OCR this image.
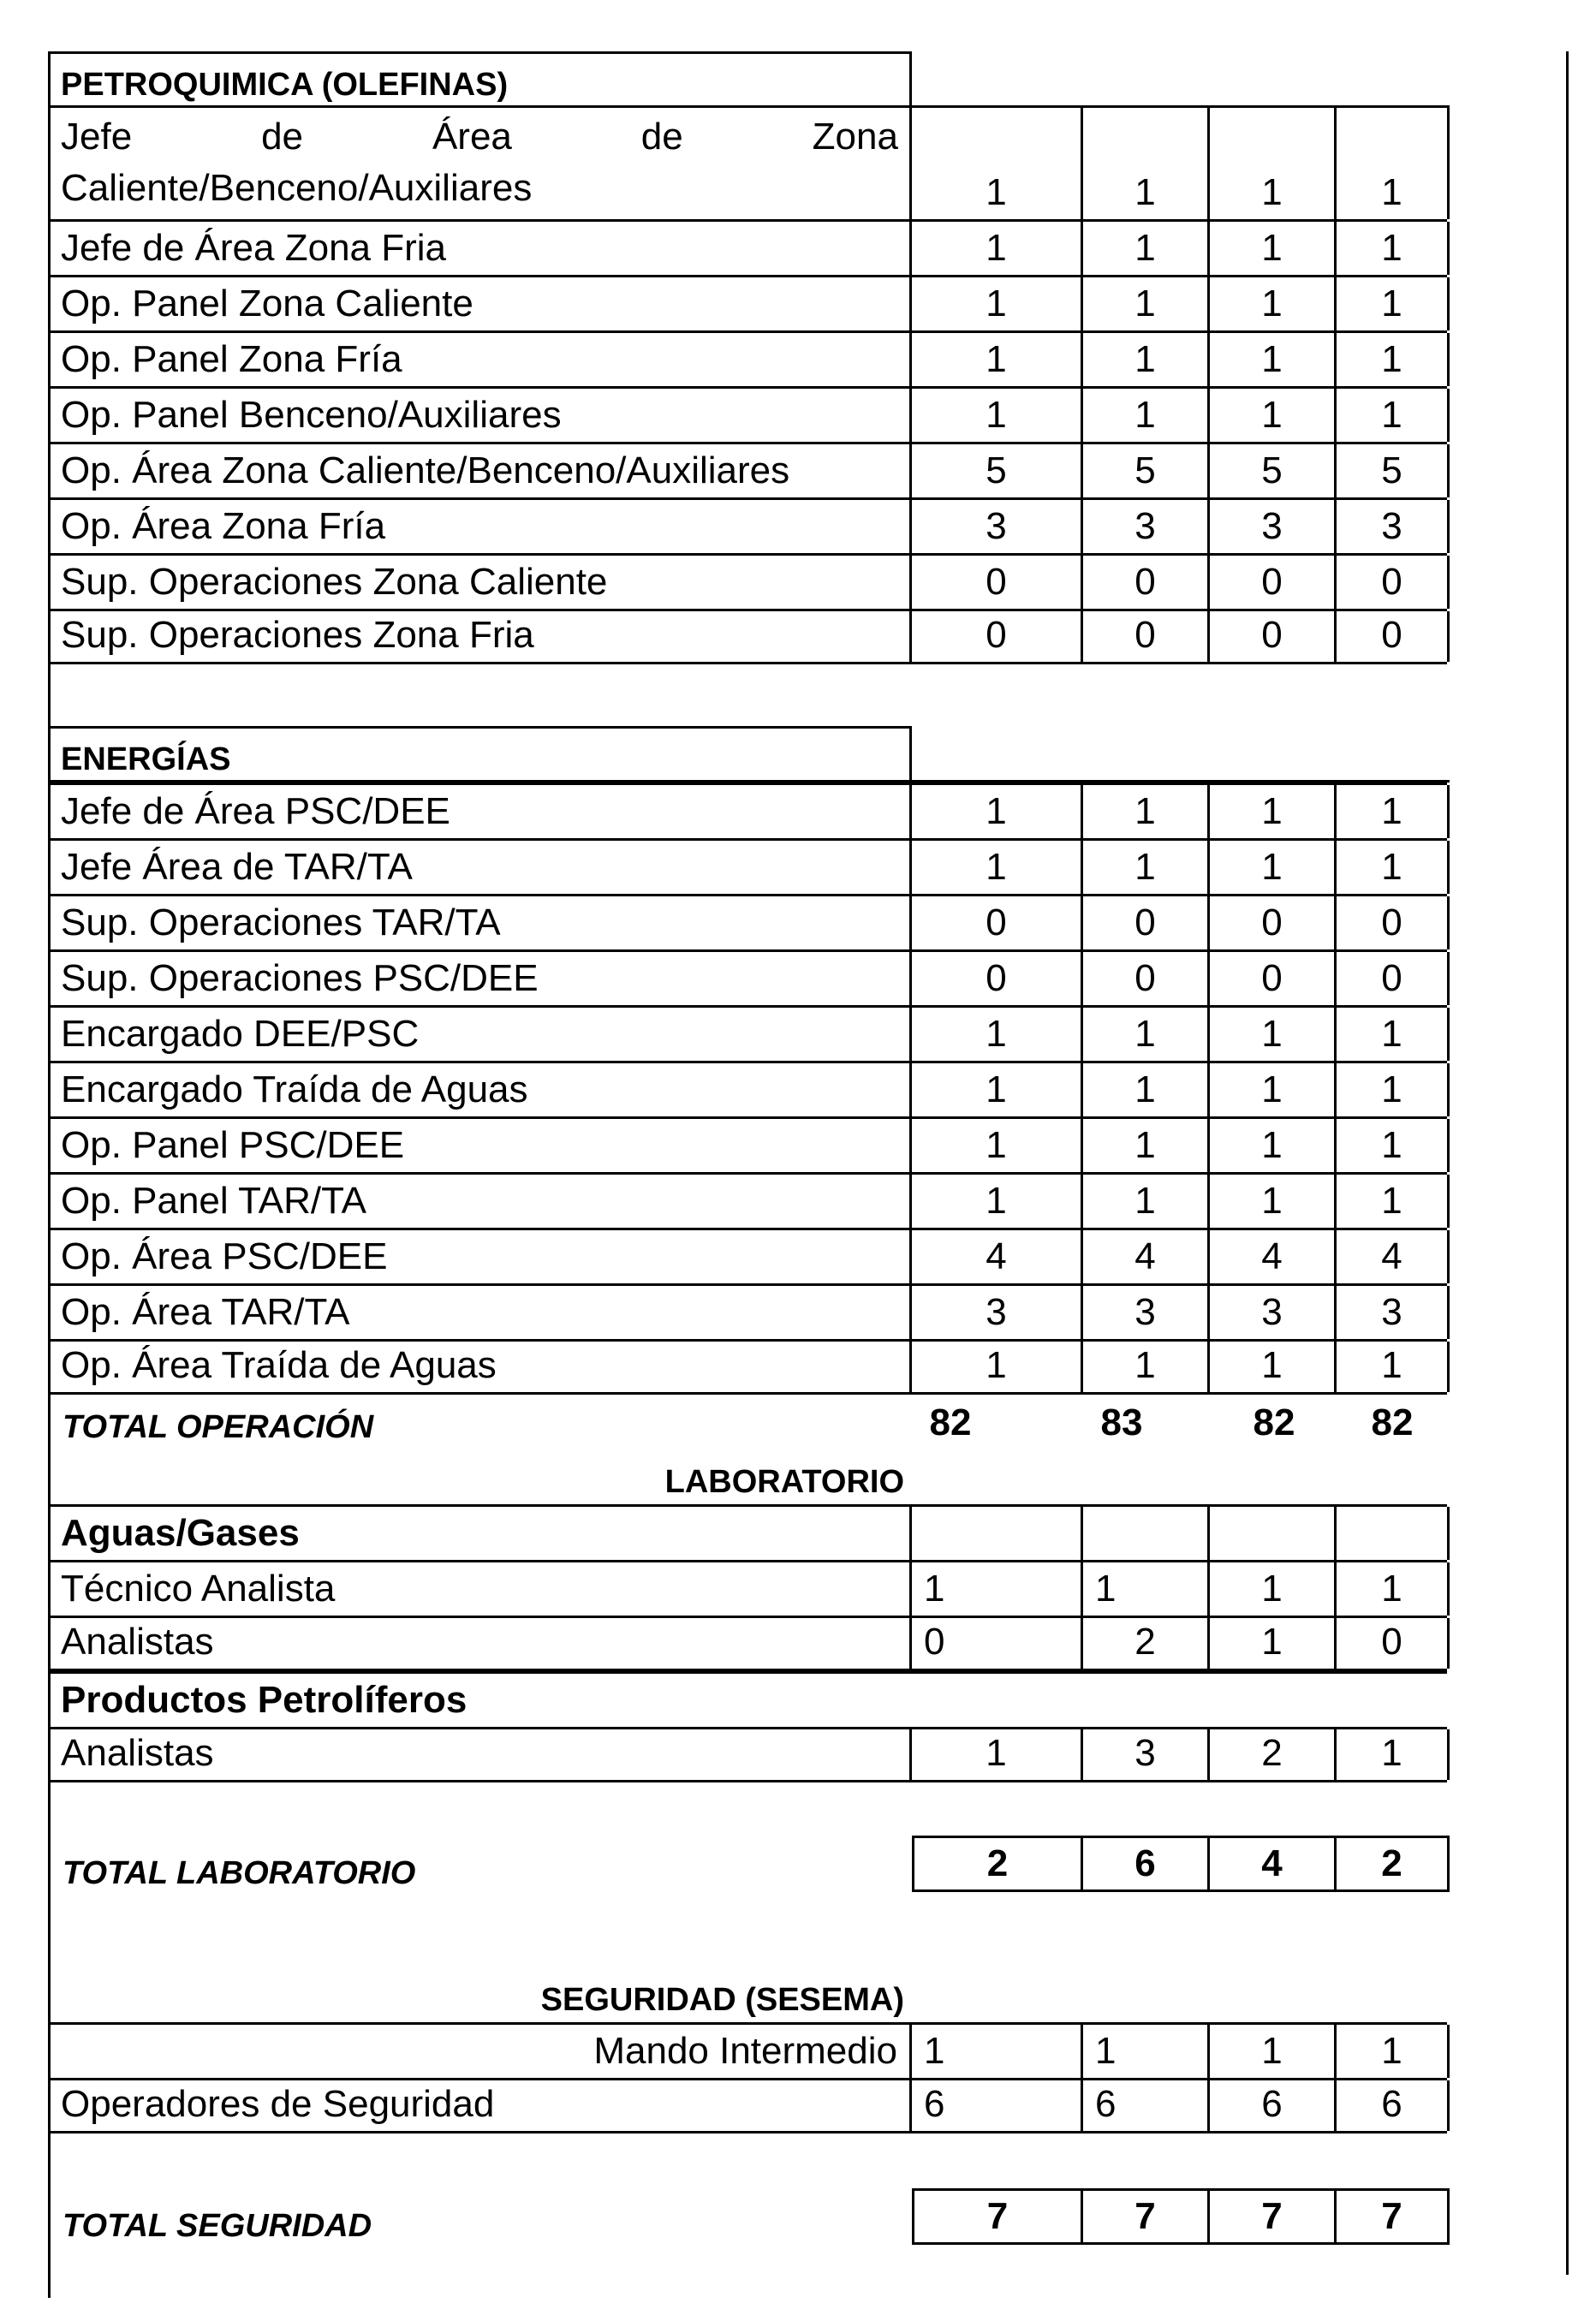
PETROQUIMICA (OLEFINAS)
Jefe	de	Área	de	Zona
Caliente/Benceno/Auxiliares	1	1	1	1
Jefe de Área Zona Fria	1	1	1	1
Op. Panel Zona Caliente	1	1	1	1
Op. Panel Zona Fría	1	1	1	1
Op. Panel Benceno/Auxiliares	1	1	1	1
Op. Área Zona Caliente/Benceno/Auxiliares	5	5	5	5
Op. Área Zona Fría	3	3	3	3
Sup. Operaciones Zona Caliente	0	0	0	0
Sup. Operaciones Zona Fria	0	0	0	0
ENERGÍAS
Jefe de Área PSC/DEE	1	1	1	1
Jefe Área de TAR/TA	1	1	1	1
Sup. Operaciones TAR/TA	0	0	0	0
Sup. Operaciones PSC/DEE	0	0	0	0
Encargado DEE/PSC	1	1	1	1
Encargado Traída de Aguas	1	1	1	1
Op. Panel PSC/DEE	1	1	1	1
Op. Panel TAR/TA	1	1	1	1
Op. Área PSC/DEE	4	4	4	4
Op. Área TAR/TA	3	3	3	3
Op. Área Traída de Aguas	1	1	1	1
TOTAL OPERACIÓN	82	83	82	82
LABORATORIO
Aguas/Gases
Técnico Analista	1	1	1	1
Analistas	0	2	1	0
Productos Petrolíferos
Analistas	1	3	2	1
TOTAL LABORATORIO	2	6	4	2
SEGURIDAD (SESEMA)
Mando Intermedio 1	1	1	1
Operadores de Seguridad	6	6	6	6
TOTAL SEGURIDAD	7	7	7	7
